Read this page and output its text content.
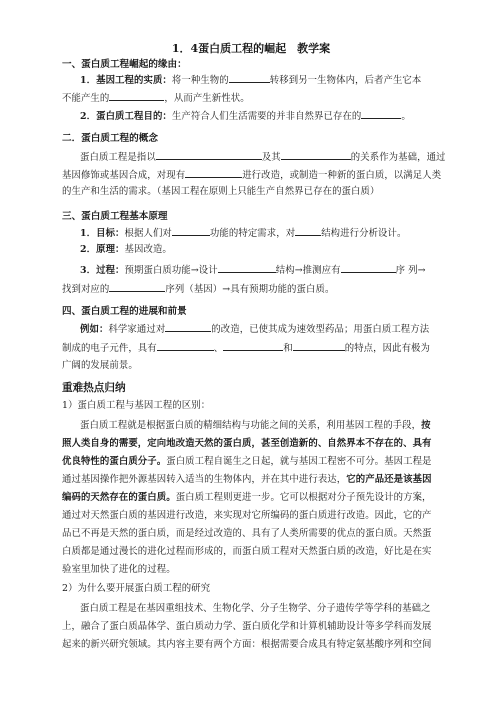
1．4蛋白质工程的崛起　教学案
一、蛋白质工程崛起的缘由：
1．基因工程的实质：将一种生物的	转移到另一生物体内，后者产生它本
不能产生的	，从而产生新性状。
2．蛋白质工程目的：生产符合人们生活需要的并非自然界已存在的	。
二．蛋白质工程的概念
蛋白质工程是指以	及其	的关系作为基础，通过
基因修饰或基因合成，对现有	进行改造，或制造一种新的蛋白质，以满足人类
的生产和生活的需求。（基因工程在原则上只能生产自然界已存在的蛋白质）
三、蛋白质工程基本原理
1．目标：根据人们对	功能的特定需求，对	结构进行分析设计。
2．原理：基因改造。
3．过程：预期蛋白质功能→设计	结构→推测应有	序 列→
找到对应的	序列（基因）→具有预期功能的蛋白质。
四、蛋白质工程的进展和前景
例如：科学家通过对	的改造，已使其成为速效型药品；用蛋白质工程方法
制成的电子元件，具有	、	和	的特点，因此有极为
广阔的发展前景。
重难热点归纳
1）蛋白质工程与基因工程的区别：
蛋白质工程就是根据蛋白质的精细结构与功能之间的关系，利用基因工程的手段，按
照人类自身的需要，定向地改造天然的蛋白质，甚至创造新的、自然界本不存在的、具有
优良特性的蛋白质分子。蛋白质工程自诞生之日起，就与基因工程密不可分。基因工程是
通过基因操作把外源基因转入适当的生物体内，并在其中进行表达，它的产品还是该基因
编码的天然存在的蛋白质。蛋白质工程则更进一步。它可以根据对分子预先设计的方案，
通过对天然蛋白质的基因进行改造，来实现对它所编码的蛋白质进行改造。因此，它的产
品已不再是天然的蛋白质，而是经过改造的、具有了人类所需要的优点的蛋白质。天然蛋
白质都是通过漫长的进化过程而形成的，而蛋白质工程对天然蛋白质的改造，好比是在实
验室里加快了进化的过程。
2）为什么要开展蛋白质工程的研究
蛋白质工程是在基因重组技术、生物化学、分子生物学、分子遗传学等学科的基础之
上，融合了蛋白质晶体学、蛋白质动力学、蛋白质化学和计算机辅助设计等多学科而发展
起来的新兴研究领域。其内容主要有两个方面：根据需要合成具有特定氨基酸序列和空间
